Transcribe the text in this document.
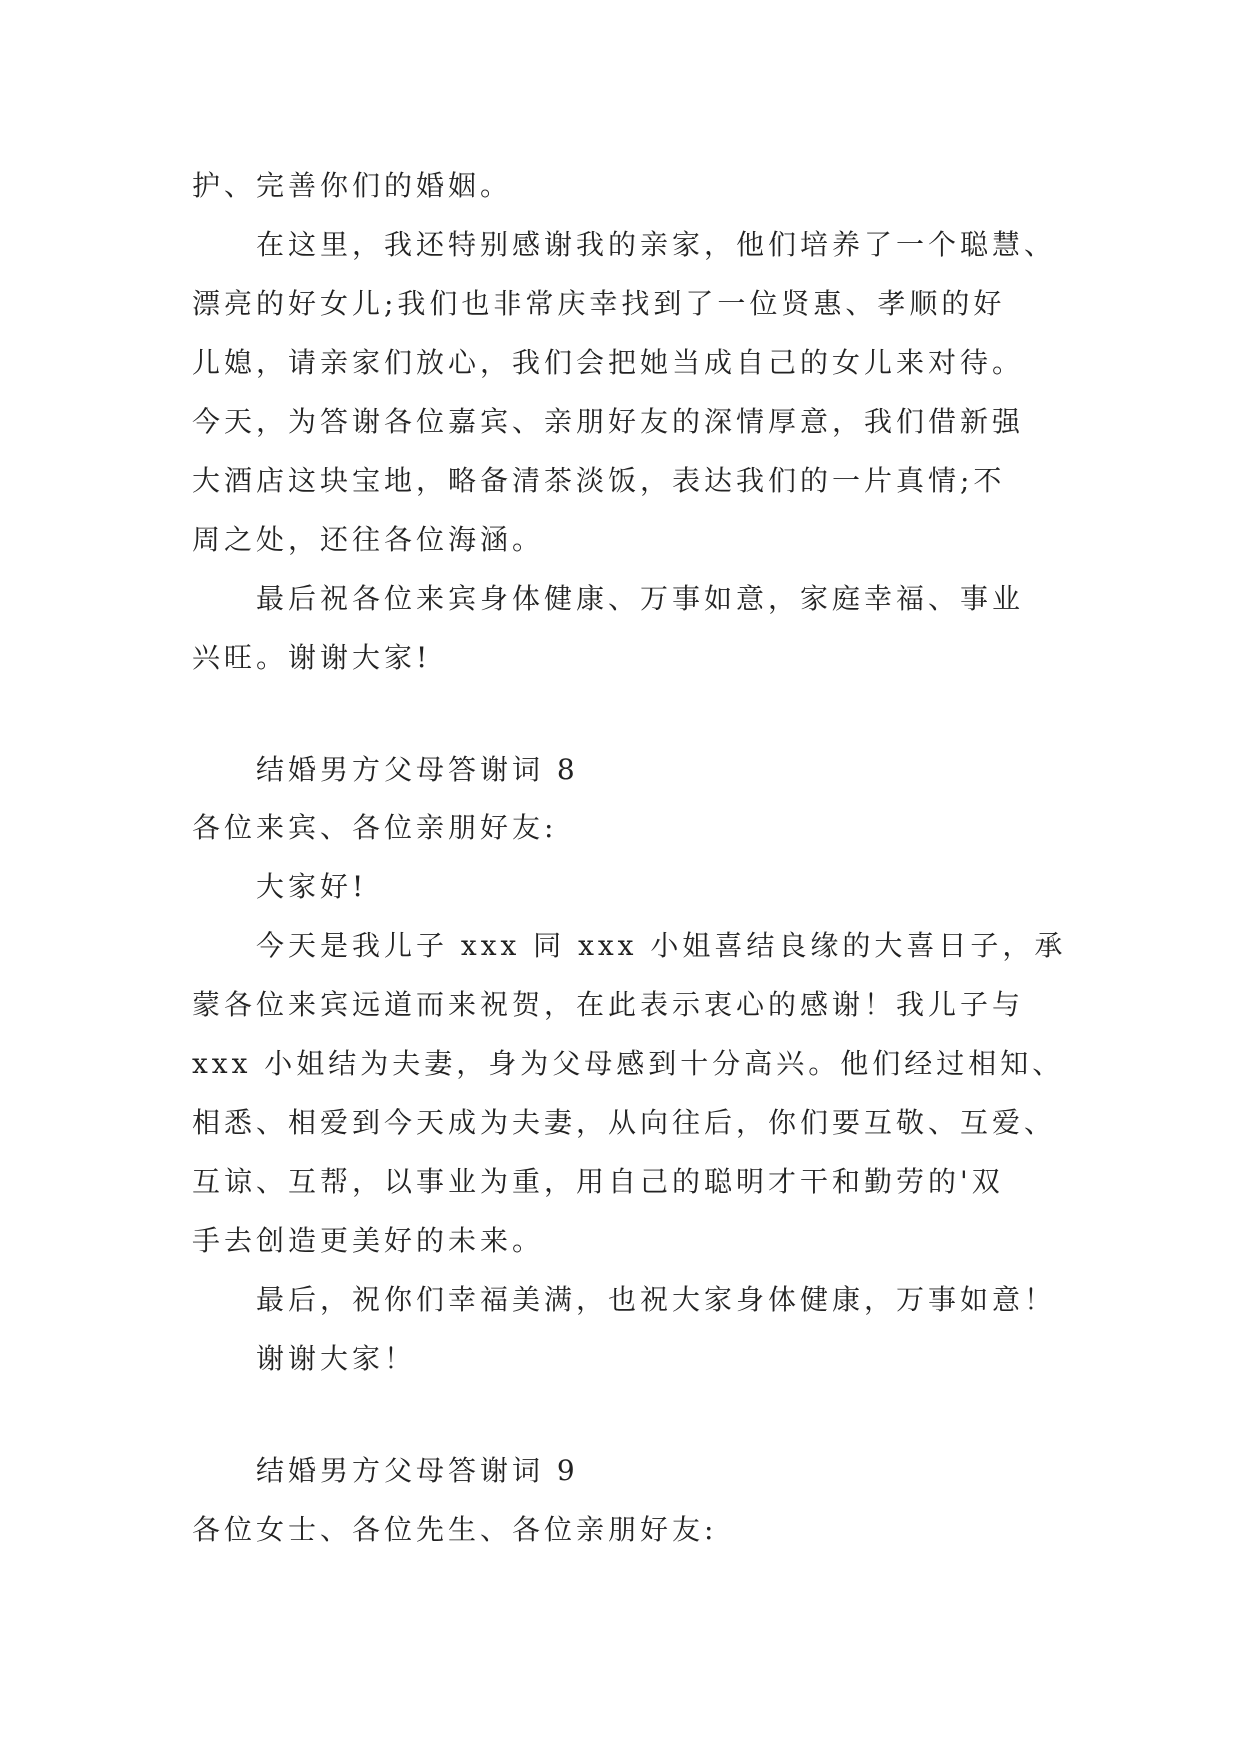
护、完善你们的婚姻。
在这里，我还特别感谢我的亲家，他们培养了一个聪慧、
漂亮的好女儿;我们也非常庆幸找到了一位贤惠、孝顺的好
儿媳，请亲家们放心，我们会把她当成自己的女儿来对待。
今天，为答谢各位嘉宾、亲朋好友的深情厚意，我们借新强
大酒店这块宝地，略备清茶淡饭，表达我们的一片真情;不
周之处，还往各位海涵。
最后祝各位来宾身体健康、万事如意，家庭幸福、事业
兴旺。谢谢大家!
结婚男方父母答谢词 8
各位来宾、各位亲朋好友:
大家好!
今天是我儿子 xxx 同 xxx 小姐喜结良缘的大喜日子，承
蒙各位来宾远道而来祝贺，在此表示衷心的感谢！我儿子与
xxx 小姐结为夫妻，身为父母感到十分高兴。他们经过相知、
相悉、相爱到今天成为夫妻，从向往后，你们要互敬、互爱、
互谅、互帮，以事业为重，用自己的聪明才干和勤劳的'双
手去创造更美好的未来。
最后，祝你们幸福美满，也祝大家身体健康，万事如意！
谢谢大家！
结婚男方父母答谢词 9
各位女士、各位先生、各位亲朋好友:
